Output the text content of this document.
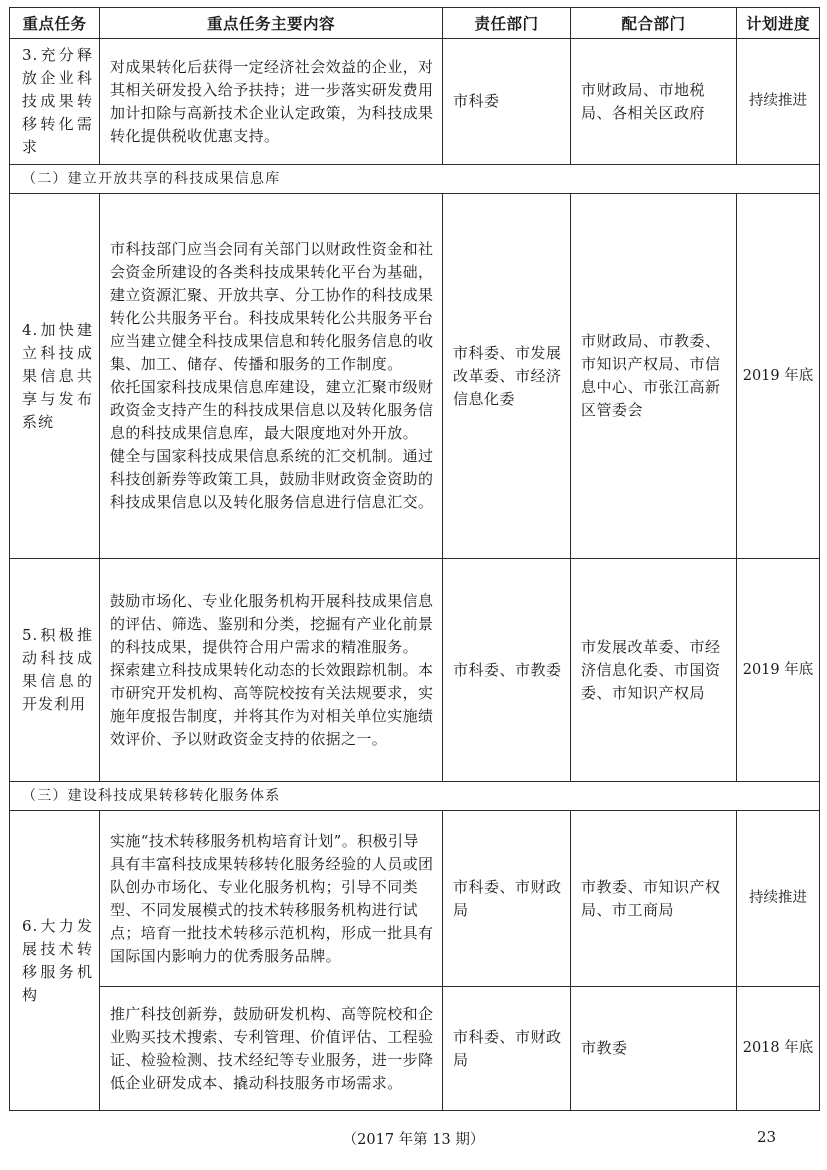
重点任务	重点任务主要内容	责任部门	配合部门	计划进度
3.充分释放企业科技成果转移转化需求	对成果转化后获得一定经济社会效益的企业，对其相关研发投入给予扶持；进一步落实研发费用加计扣除与高新技术企业认定政策，为科技成果转化提供税收优惠支持。	市科委	市财政局、市地税局、各相关区政府	持续推进
（二）建立开放共享的科技成果信息库				
4.加快建立科技成果信息共享与发布系统	市科技部门应当会同有关部门以财政性资金和社会资金所建设的各类科技成果转化平台为基础，建立资源汇聚、开放共享、分工协作的科技成果转化公共服务平台。科技成果转化公共服务平台应当建立健全科技成果信息和转化服务信息的收集、加工、储存、传播和服务的工作制度。

依托国家科技成果信息库建设，建立汇聚市级财政资金支持产生的科技成果信息以及转化服务信息的科技成果信息库，最大限度地对外开放。

健全与国家科技成果信息系统的汇交机制。通过科技创新券等政策工具，鼓励非财政资金资助的科技成果信息以及转化服务信息进行信息汇交。	市科委、市发展改革委、市经济信息化委	市财政局、市教委、市知识产权局、市信息中心、市张江高新区管委会	2019 年底
5.积极推动科技成果信息的开发利用	鼓励市场化、专业化服务机构开展科技成果信息的评估、筛选、鉴别和分类，挖掘有产业化前景的科技成果，提供符合用户需求的精准服务。

探索建立科技成果转化动态的长效跟踪机制。本市研究开发机构、高等院校按有关法规要求，实施年度报告制度，并将其作为对相关单位实施绩效评价、予以财政资金支持的依据之一。	市科委、市教委	市发展改革委、市经济信息化委、市国资委、市知识产权局	2019 年底
（三）建设科技成果转移转化服务体系				
6.大力发展技术转移服务机构	实施“技术转移服务机构培育计划”。积极引导具有丰富科技成果转移转化服务经验的人员或团队创办市场化、专业化服务机构；引导不同类型、不同发展模式的技术转移服务机构进行试点；培育一批技术转移示范机构，形成一批具有国际国内影响力的优秀服务品牌。	市科委、市财政局	市教委、市知识产权局、市工商局	持续推进

	推广科技创新券，鼓励研发机构、高等院校和企业购买技术搜索、专利管理、价值评估、工程验证、检验检测、技术经纪等专业服务，进一步降低企业研发成本、撬动科技服务市场需求。	市科委、市财政局	市教委	2018 年底
（2017 年第 13 期）	23
